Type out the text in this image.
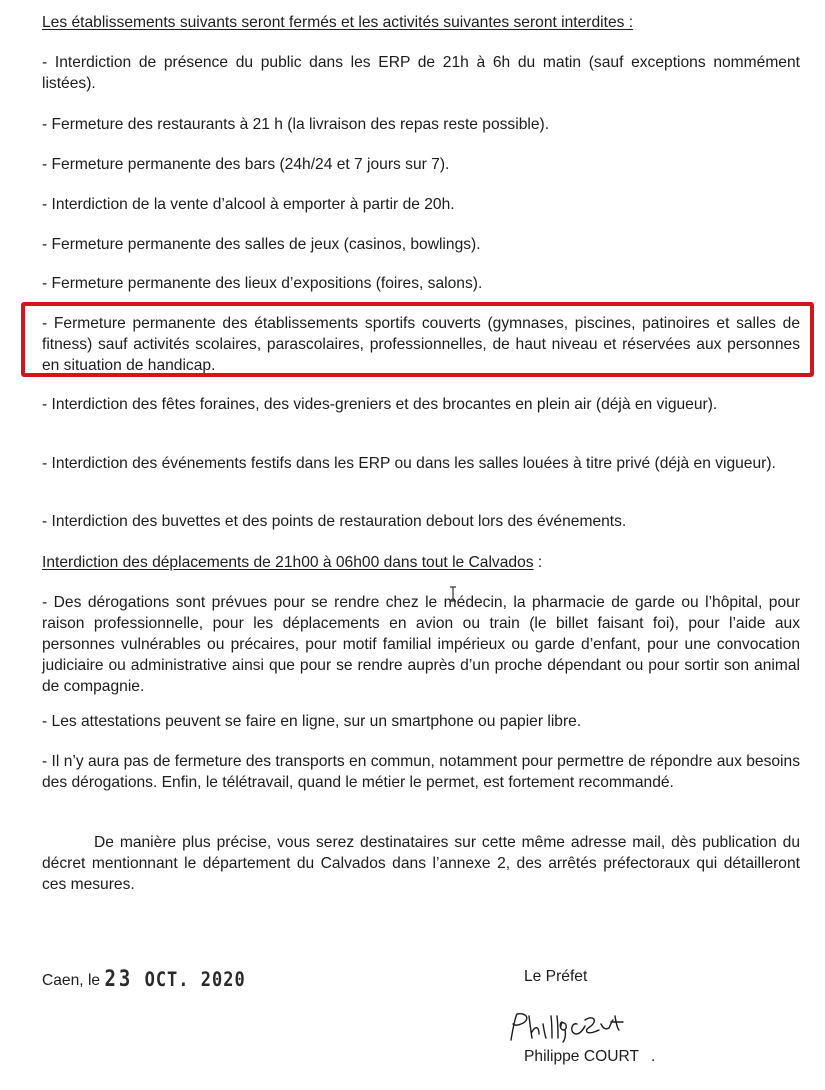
Les établissements suivants seront fermés et les activités suivantes seront interdites :

- Interdiction de présence du public dans les ERP de 21h à 6h du matin (sauf exceptions nommément listées).

- Fermeture des restaurants à 21 h (la livraison des repas reste possible).

- Fermeture permanente des bars (24h/24 et 7 jours sur 7).

- Interdiction de la vente d’alcool à emporter à partir de 20h.

- Fermeture permanente des salles de jeux (casinos, bowlings).

- Fermeture permanente des lieux d’expositions (foires, salons).

- Fermeture permanente des établissements sportifs couverts (gymnases, piscines, patinoires et salles de fitness) sauf activités scolaires, parascolaires, professionnelles, de haut niveau et réservées aux personnes en situation de handicap.

- Interdiction des fêtes foraines, des vides-greniers et des brocantes en plein air (déjà en vigueur).

- Interdiction des événements festifs dans les ERP ou dans les salles louées à titre privé (déjà en vigueur).

- Interdiction des buvettes et des points de restauration debout lors des événements.

Interdiction des déplacements de 21h00 à 06h00 dans tout le Calvados :

- Des dérogations sont prévues pour se rendre chez le médecin, la pharmacie de garde ou l’hôpital, pour raison professionnelle, pour les déplacements en avion ou train (le billet faisant foi), pour l’aide aux personnes vulnérables ou précaires, pour motif familial impérieux ou garde d’enfant, pour une convocation judiciaire ou administrative ainsi que pour se rendre auprès d’un proche dépendant ou pour sortir son animal de compagnie.

- Les attestations peuvent se faire en ligne, sur un smartphone ou papier libre.

- Il n’y aura pas de fermeture des transports en commun, notamment pour permettre de répondre aux besoins des dérogations. Enfin, le télétravail, quand le métier le permet, est fortement recommandé.

De manière plus précise, vous serez destinataires sur cette même adresse mail, dès publication du décret mentionnant le département du Calvados dans l’annexe 2, des arrêtés préfectoraux qui détailleront ces mesures.

Caen, le 23 OCT. 2020	Le Préfet
Philippe COURT .
